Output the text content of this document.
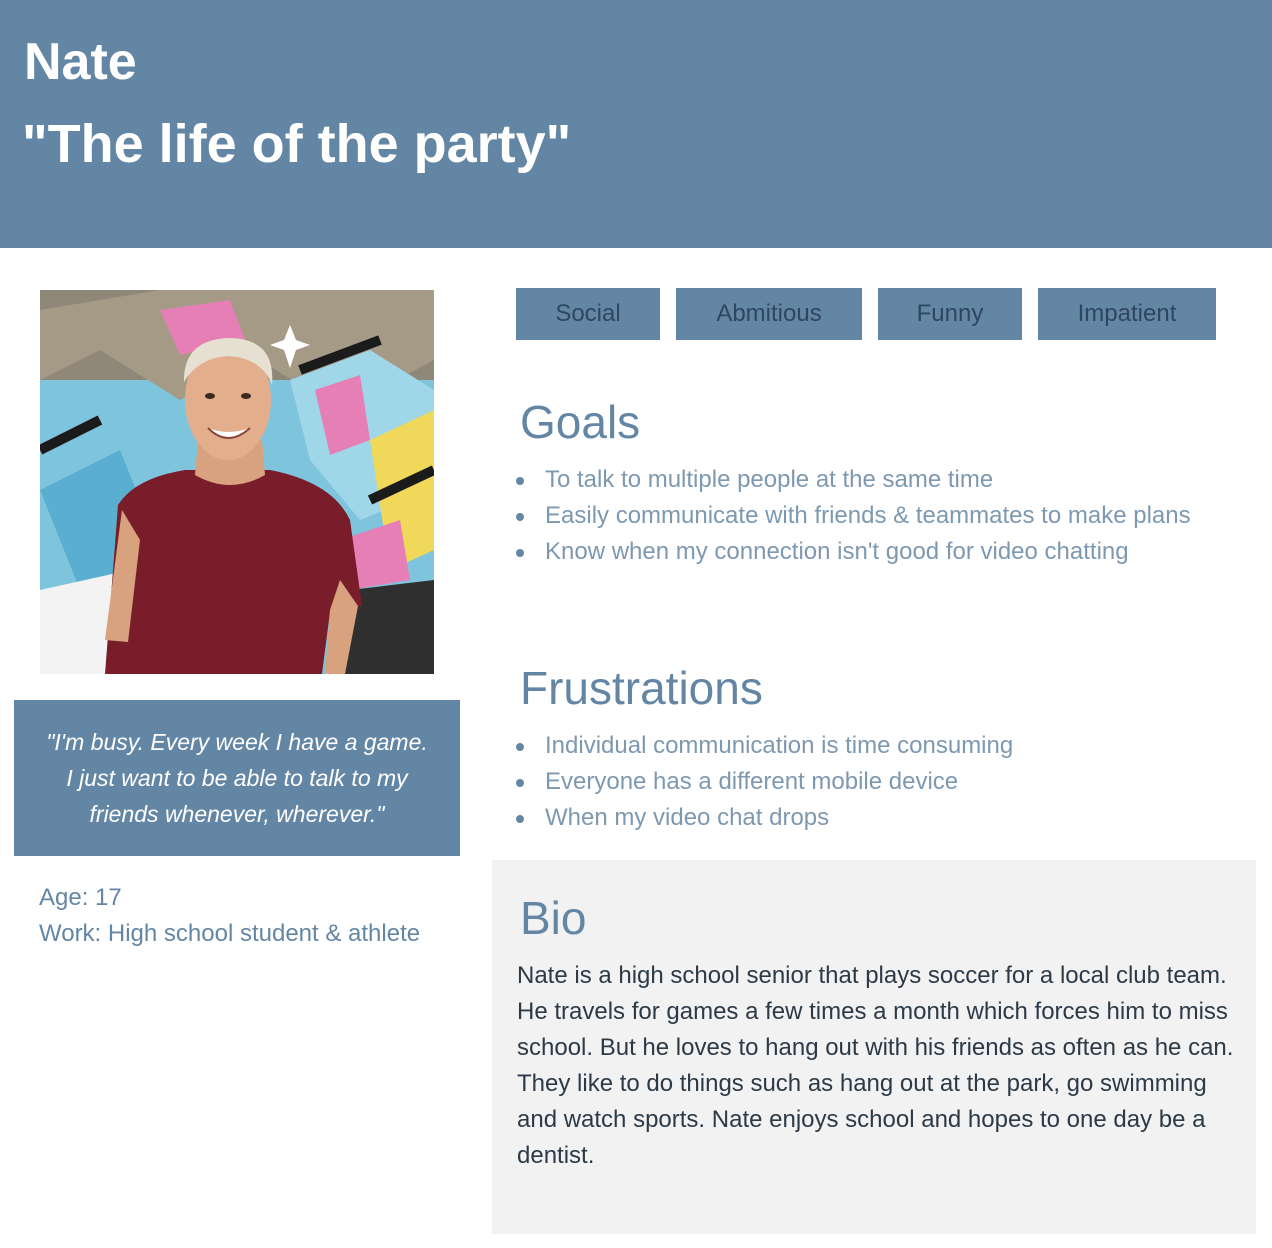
Nate
"The life of the party"
"I'm busy. Every week I have a game. I just want to be able to talk to my friends whenever, wherever."
Age: 17
Work: High school student & athlete
Social	Abmitious	Funny	Impatient
Goals
To talk to multiple people at the same time
Easily communicate with friends & teammates to make plans
Know when my connection isn't good for video chatting
Frustrations
Individual communication is time consuming
Everyone has a different mobile device
When my video chat drops
Bio

Nate is a high school senior that plays soccer for a local club team. He travels for games a few times a month which forces him to miss school. But he loves to hang out with his friends as often as he can. They like to do things such as hang out at the park, go swimming and watch sports. Nate enjoys school and hopes to one day be a dentist.
